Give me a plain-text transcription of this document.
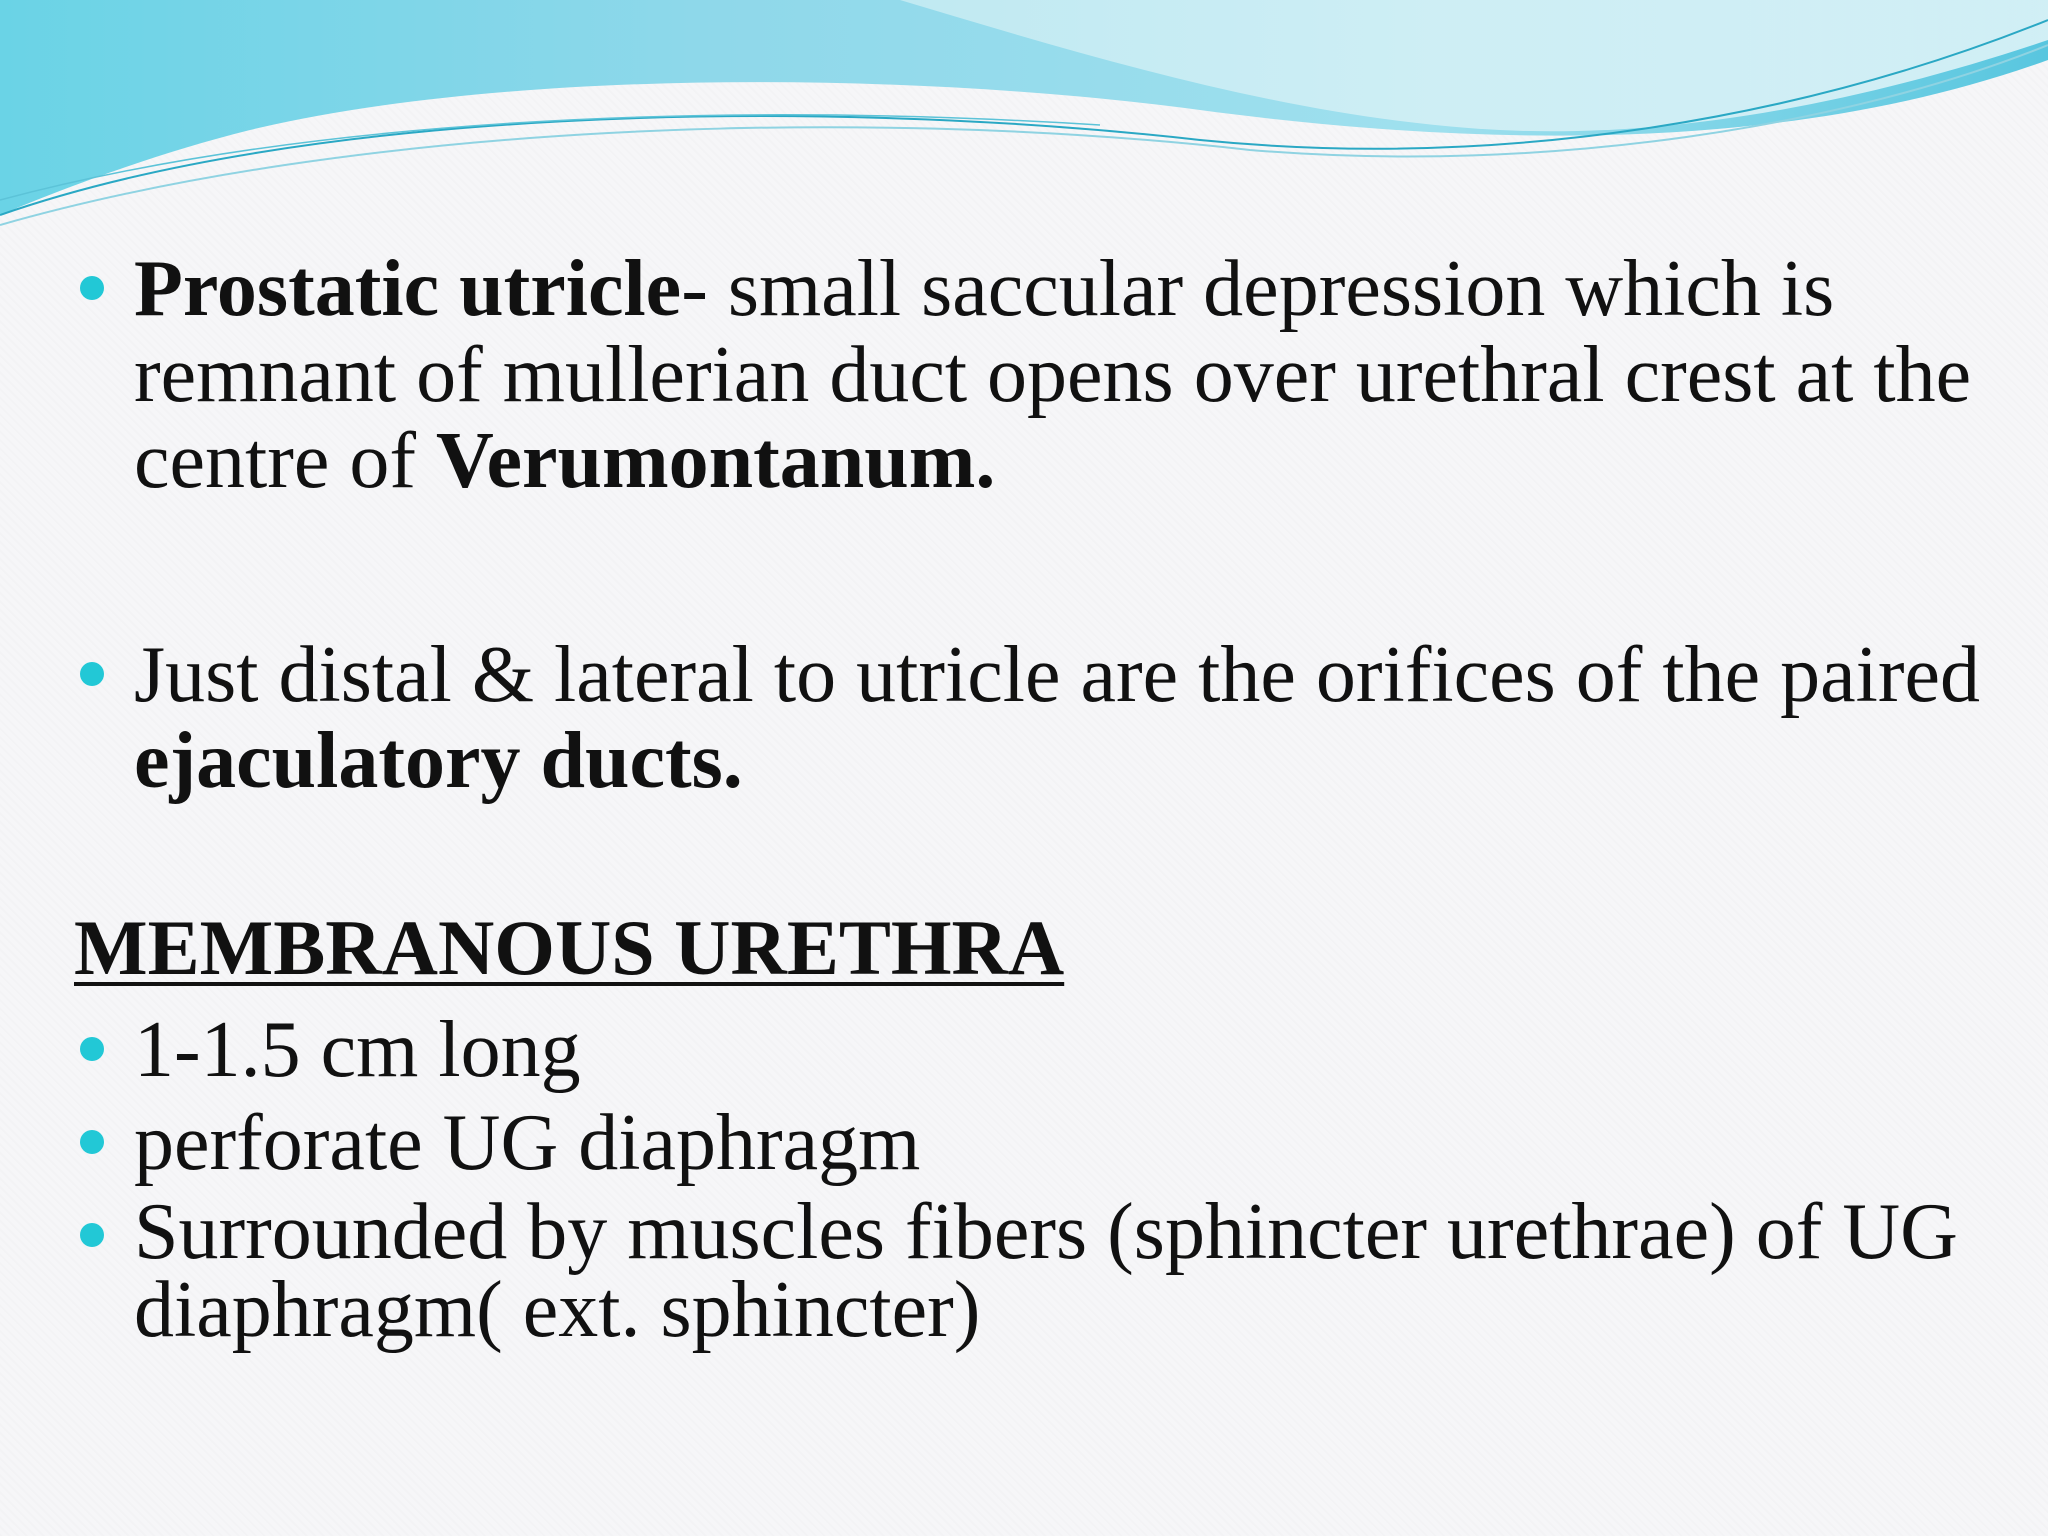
Prostatic utricle- small saccular depression which is remnant of mullerian duct opens over urethral crest at the centre of Verumontanum.
Just distal & lateral to utricle are the orifices of the paired ejaculatory ducts.
MEMBRANOUS URETHRA
1-1.5 cm long
perforate UG diaphragm
Surrounded by muscles fibers (sphincter urethrae) of UG diaphragm( ext. sphincter)
